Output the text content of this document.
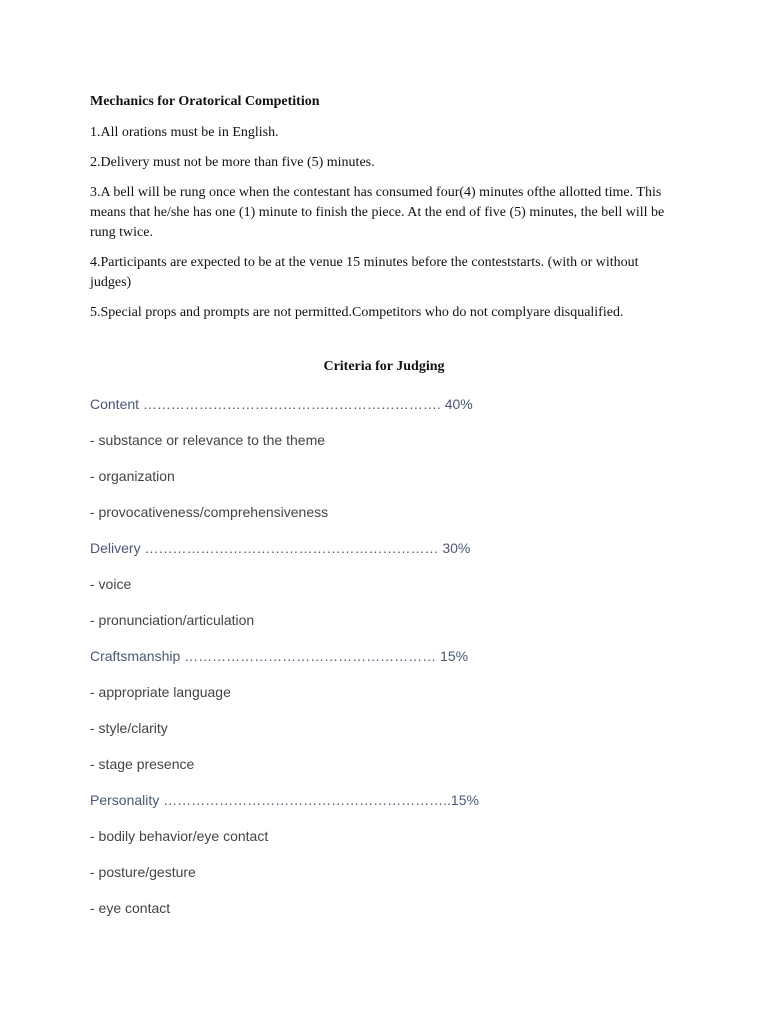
Mechanics for Oratorical Competition
1.All orations must be in English.
2.Delivery must not be more than five (5) minutes.
3.A bell will be rung once when the contestant has consumed four(4) minutes ofthe allotted time. This means that he/she has one (1) minute to finish the piece. At the end of five (5) minutes, the bell will be rung twice.
4.Participants are expected to be at the venue 15 minutes before the conteststarts. (with or without judges)
5.Special props and prompts are not permitted.Competitors who do not complyare disqualified.
Criteria for Judging
Content ………………………………………………………. 40%
- substance or relevance to the theme
- organization
- provocativeness/comprehensiveness
Delivery ……………………………………………………… 30%
- voice
- pronunciation/articulation
Craftsmanship ……………………………………………… 15%
- appropriate language
- style/clarity
- stage presence
Personality ……………………………………………………..15%
- bodily behavior/eye contact
- posture/gesture
- eye contact
